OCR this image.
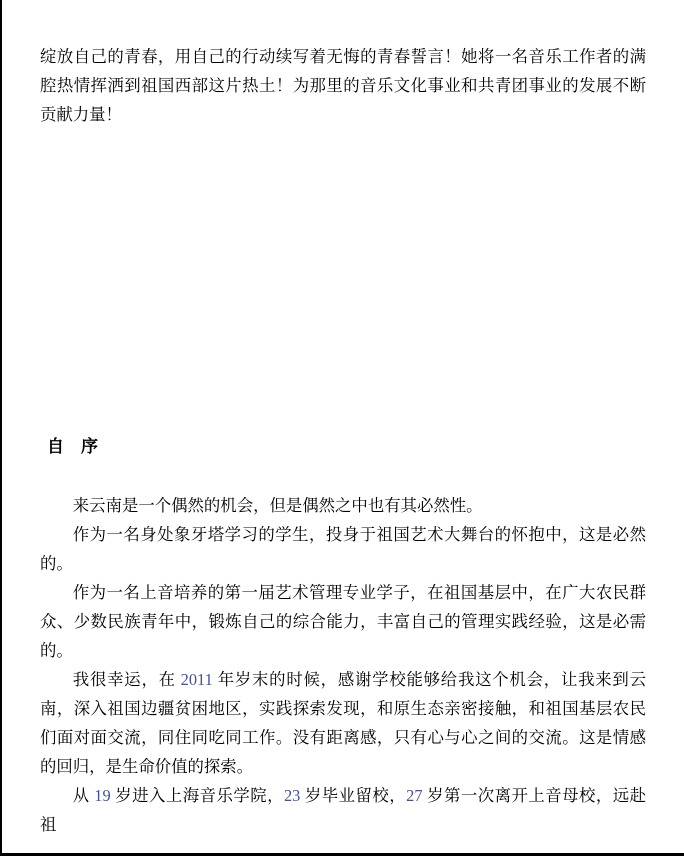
绽放自己的青春，用自己的行动续写着无悔的青春誓言！她将一名音乐工作者的满腔热情挥洒到祖国西部这片热土！为那里的音乐文化事业和共青团事业的发展不断贡献力量！

自　序

来云南是一个偶然的机会，但是偶然之中也有其必然性。

作为一名身处象牙塔学习的学生，投身于祖国艺术大舞台的怀抱中，这是必然的。

作为一名上音培养的第一届艺术管理专业学子，在祖国基层中，在广大农民群众、少数民族青年中，锻炼自己的综合能力，丰富自己的管理实践经验，这是必需的。

我很幸运，在 2011 年岁末的时候，感谢学校能够给我这个机会，让我来到云南，深入祖国边疆贫困地区，实践探索发现，和原生态亲密接触，和祖国基层农民们面对面交流，同住同吃同工作。没有距离感，只有心与心之间的交流。这是情感的回归，是生命价值的探索。

从 19 岁进入上海音乐学院，23 岁毕业留校，27 岁第一次离开上音母校，远赴祖
